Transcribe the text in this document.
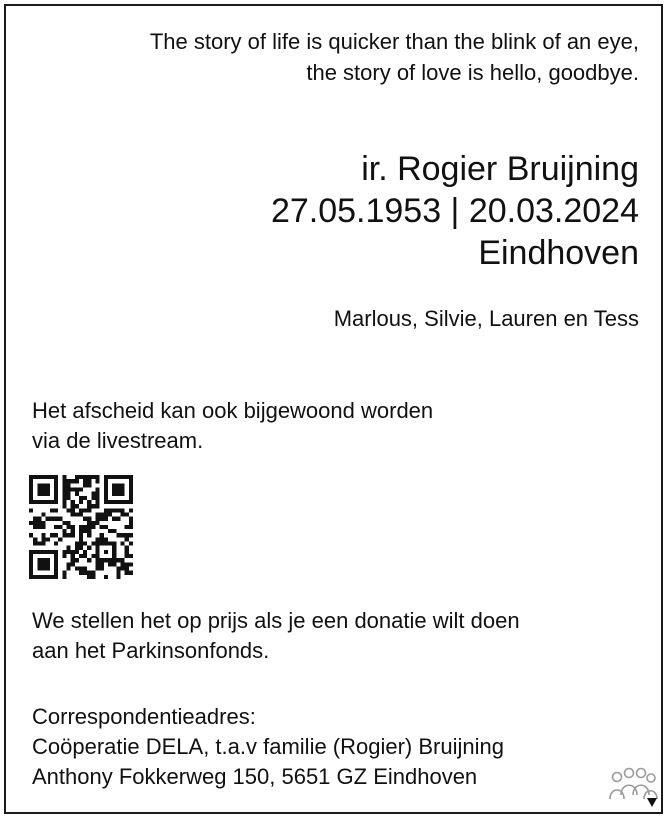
The story of life is quicker than the blink of an eye,
the story of love is hello, goodbye.
ir. Rogier Bruijning
27.05.1953 | 20.03.2024
Eindhoven
Marlous, Silvie, Lauren en Tess
Het afscheid kan ook bijgewoond worden
via de livestream.
We stellen het op prijs als je een donatie wilt doen
aan het Parkinsonfonds.
Correspondentieadres:
Coöperatie DELA, t.a.v familie (Rogier) Bruijning
Anthony Fokkerweg 150, 5651 GZ Eindhoven
